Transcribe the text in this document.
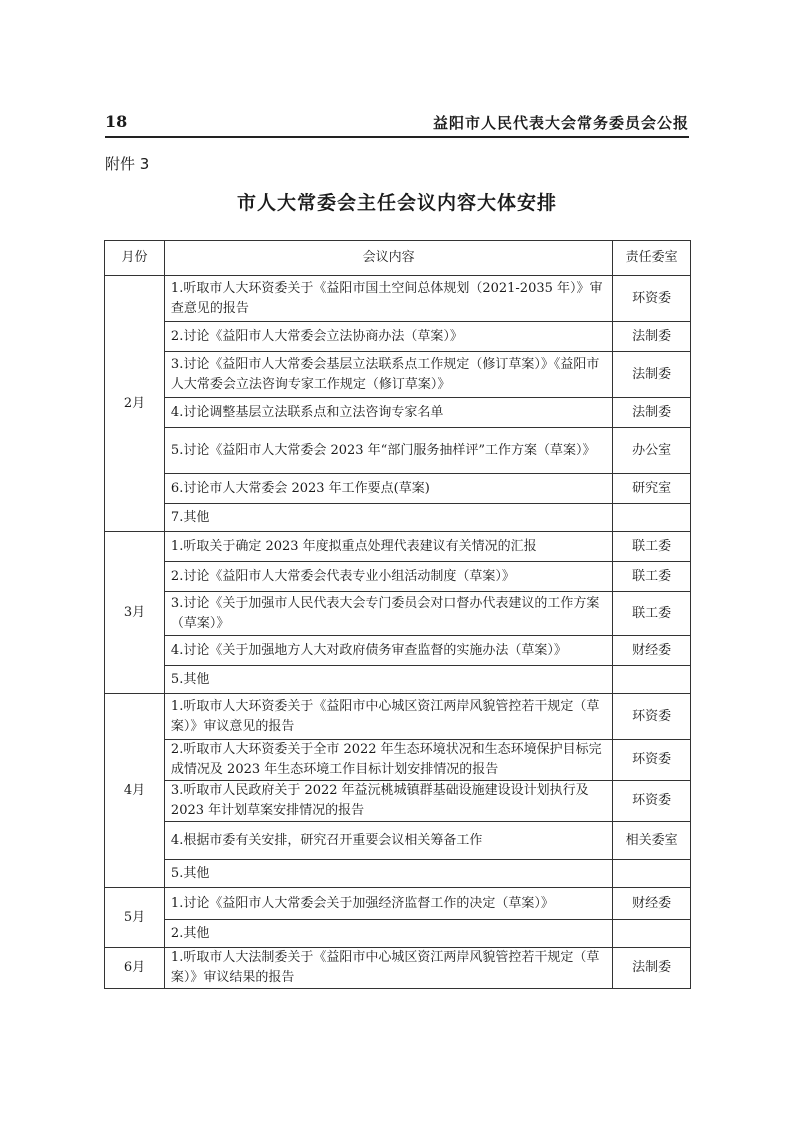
18	益阳市人民代表大会常务委员会公报
附件 3
市人大常委会主任会议内容大体安排
月份	会议内容	责任委室
2月	1.听取市人大环资委关于《益阳市国土空间总体规划（2021-2035 年）》审查意见的报告	环资委
	2.讨论《益阳市人大常委会立法协商办法（草案）》	法制委
	3.讨论《益阳市人大常委会基层立法联系点工作规定（修订草案）》《益阳市人大常委会立法咨询专家工作规定（修订草案）》	法制委
	4.讨论调整基层立法联系点和立法咨询专家名单	法制委
	5.讨论《益阳市人大常委会 2023 年“部门服务抽样评”工作方案（草案）》	办公室
	6.讨论市人大常委会 2023 年工作要点(草案)	研究室
	7.其他	
3月	1.听取关于确定 2023 年度拟重点处理代表建议有关情况的汇报	联工委
	2.讨论《益阳市人大常委会代表专业小组活动制度（草案）》	联工委
	3.讨论《关于加强市人民代表大会专门委员会对口督办代表建议的工作方案（草案）》	联工委
	4.讨论《关于加强地方人大对政府债务审查监督的实施办法（草案）》	财经委
	5.其他	
4月	1.听取市人大环资委关于《益阳市中心城区资江两岸风貌管控若干规定（草案）》审议意见的报告	环资委
	2.听取市人大环资委关于全市 2022 年生态环境状况和生态环境保护目标完成情况及 2023 年生态环境工作目标计划安排情况的报告	环资委
	3.听取市人民政府关于 2022 年益沅桃城镇群基础设施建设设计划执行及 2023 年计划草案安排情况的报告	环资委
	4.根据市委有关安排，研究召开重要会议相关筹备工作	相关委室
	5.其他	
5月	1.讨论《益阳市人大常委会关于加强经济监督工作的决定（草案）》	财经委
	2.其他	
6月	1.听取市人大法制委关于《益阳市中心城区资江两岸风貌管控若干规定（草案）》审议结果的报告	法制委
